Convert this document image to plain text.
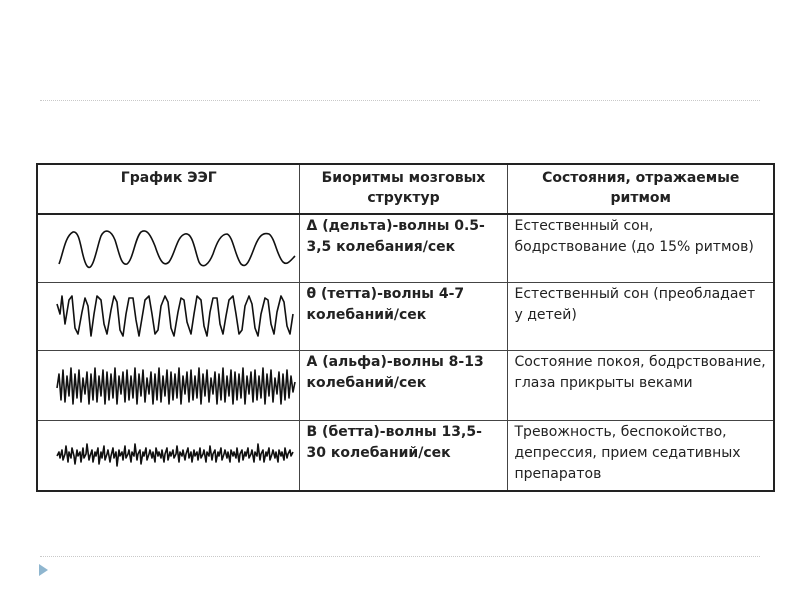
График ЭЭГ	Биоритмы мозговых структур	Состояния, отражаемые ритмом

	Δ (дельта)-волны 0.5-3,5 колебания/сек	Естественный сон, бодрствование (до 15% ритмов)

	θ (тетта)-волны 4-7 колебаний/сек	Естественный сон (преобладает у детей)

	А (альфа)-волны 8-13 колебаний/сек	Состояние покоя, бодрствование, глаза прикрыты веками

	В (бетта)-волны 13,5-30 колебаний/сек	Тревожность, беспокойство, депрессия, прием седативных препаратов
